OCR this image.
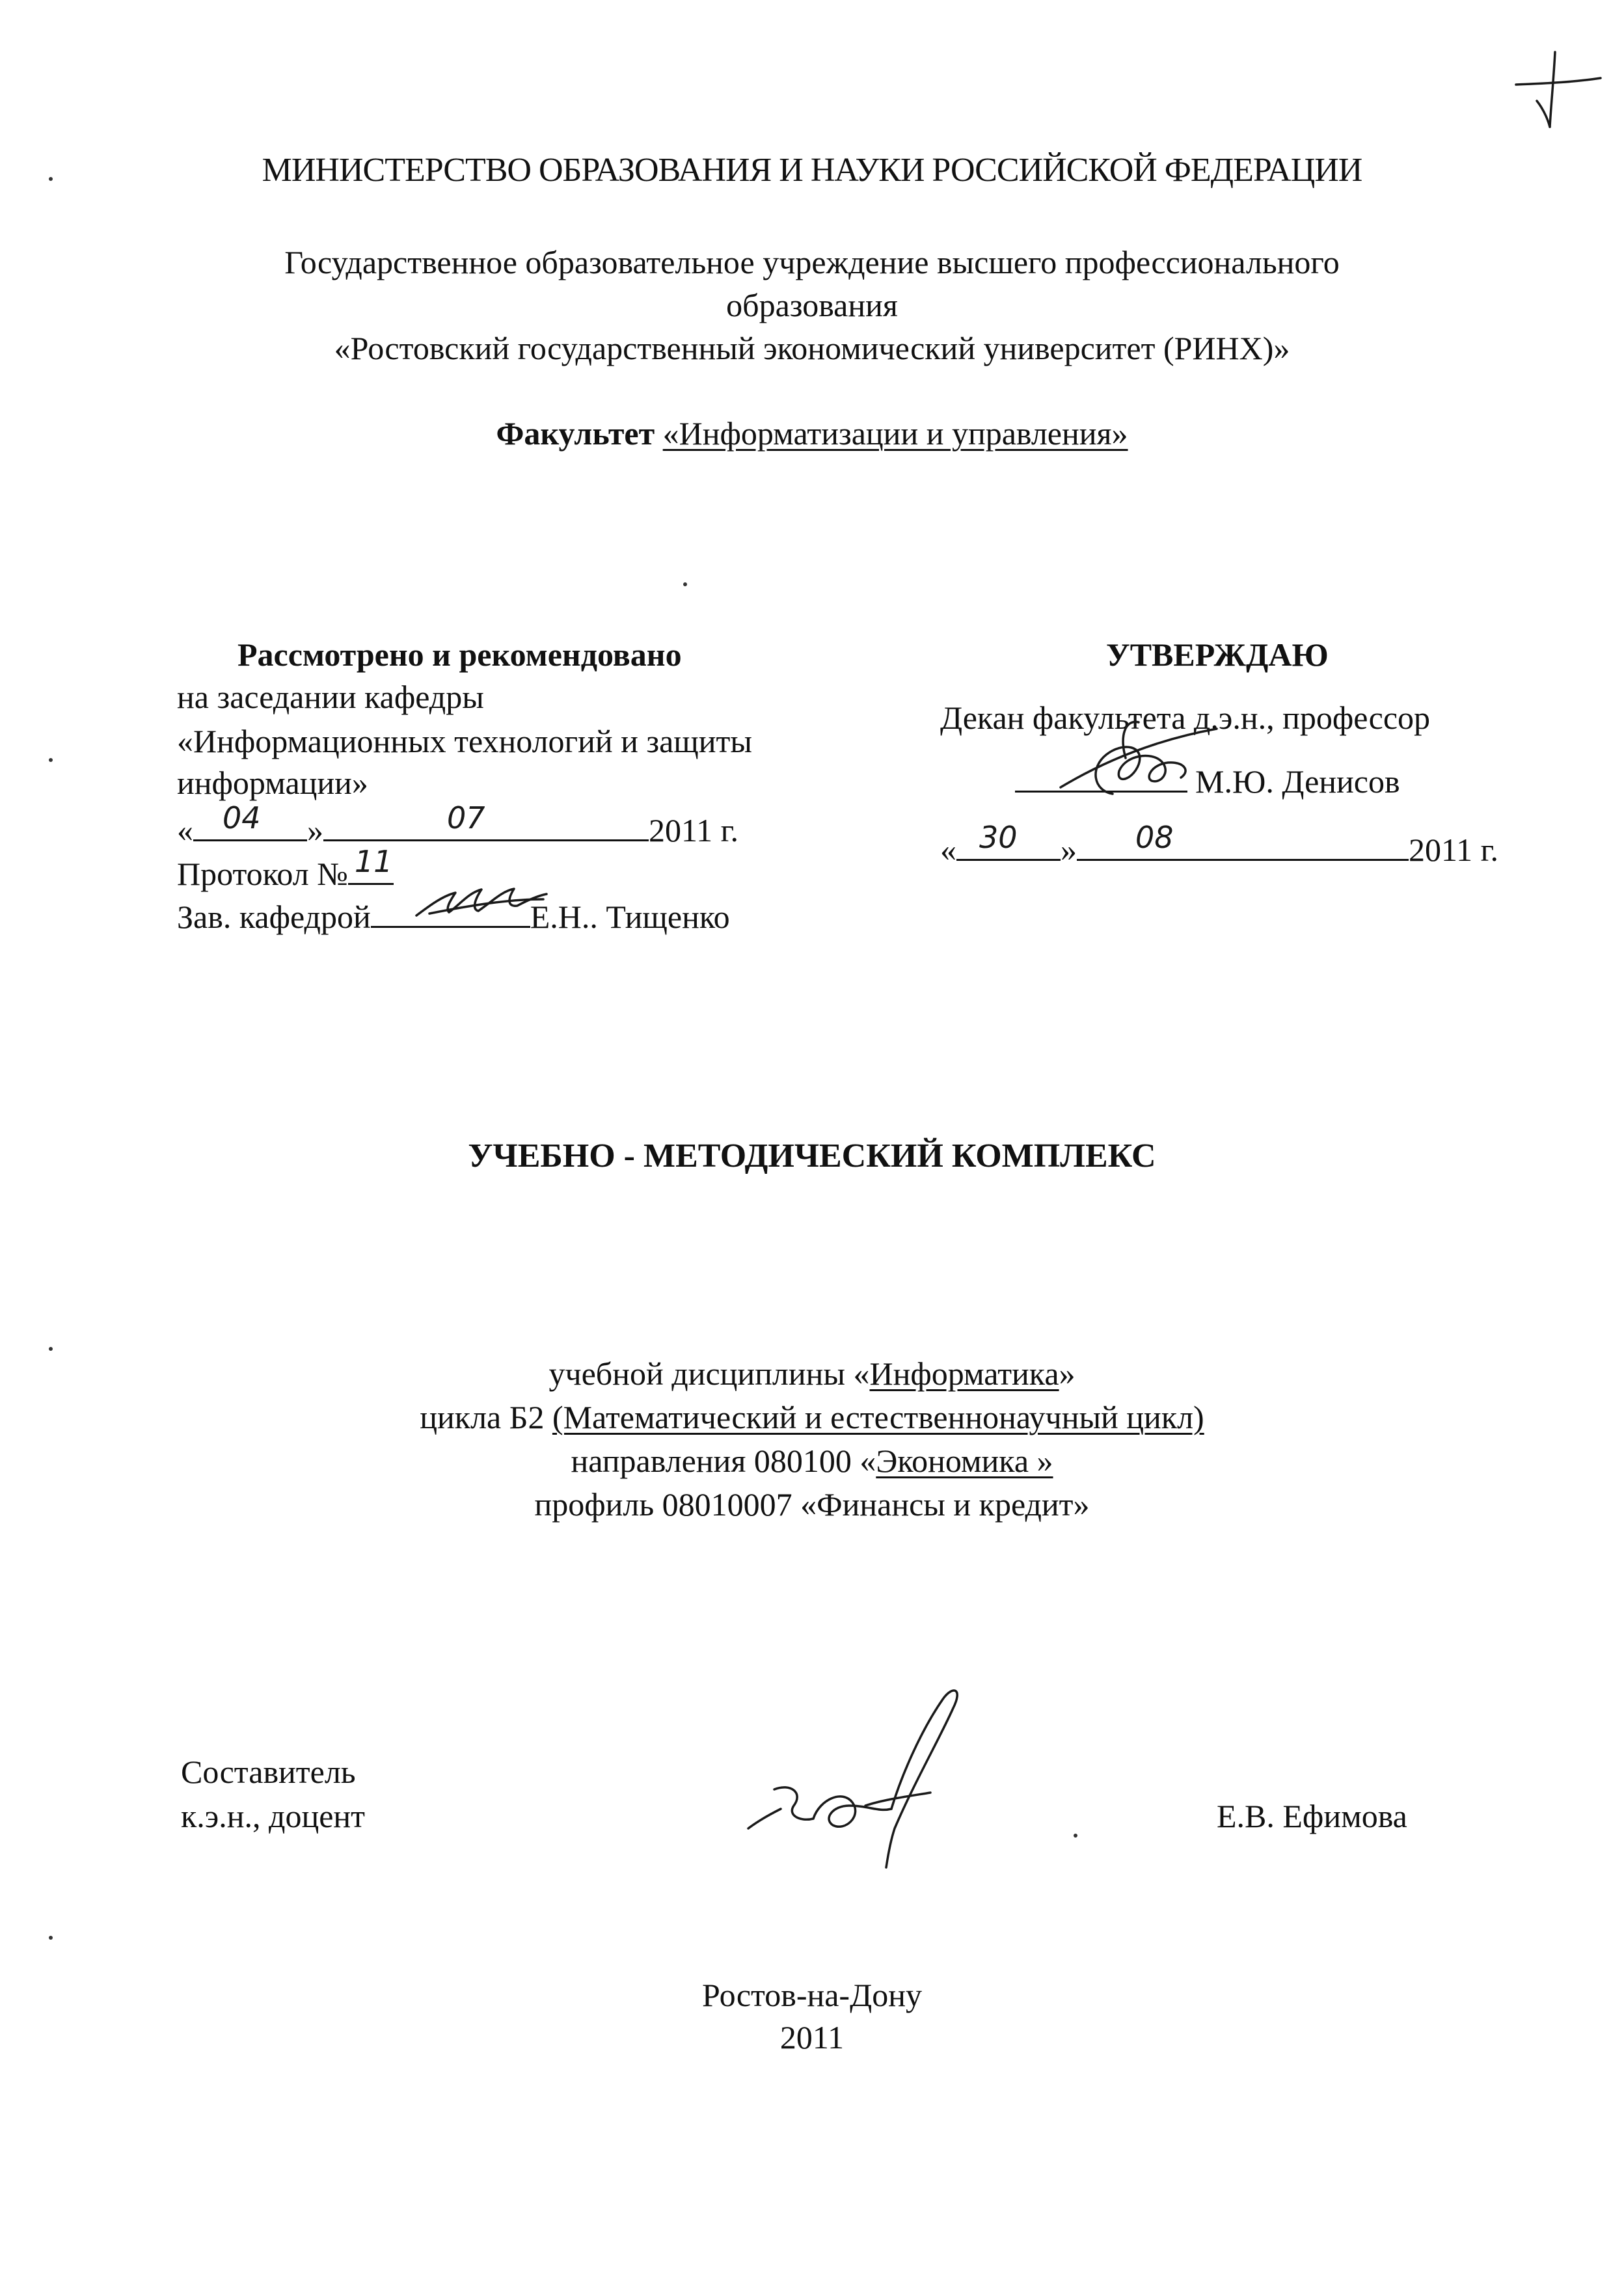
МИНИСТЕРСТВО ОБРАЗОВАНИЯ И НАУКИ РОССИЙСКОЙ ФЕДЕРАЦИИ
Государственное образовательное учреждение высшего профессионального
образования
«Ростовский государственный экономический университет (РИНХ)»
Факультет «Информатизации и управления»
Рассмотрено и рекомендовано
на заседании кафедры
«Информационных технологий и защиты
информации»
« 04 »	07	2011 г.
Протокол № 11
Зав. кафедрой	Е.Н.. Тищенко
УТВЕРЖДАЮ
Декан факультета д.э.н., профессор
М.Ю. Денисов
« 30 » 08	2011 г.
УЧЕБНО - МЕТОДИЧЕСКИЙ КОМПЛЕКС
учебной дисциплины «Информатика»
цикла Б2 (Математический и естественнонаучный цикл)
направления 080100 «Экономика »
профиль 08010007 «Финансы и кредит»
Составитель
к.э.н., доцент	Е.В. Ефимова
Ростов-на-Дону
2011
